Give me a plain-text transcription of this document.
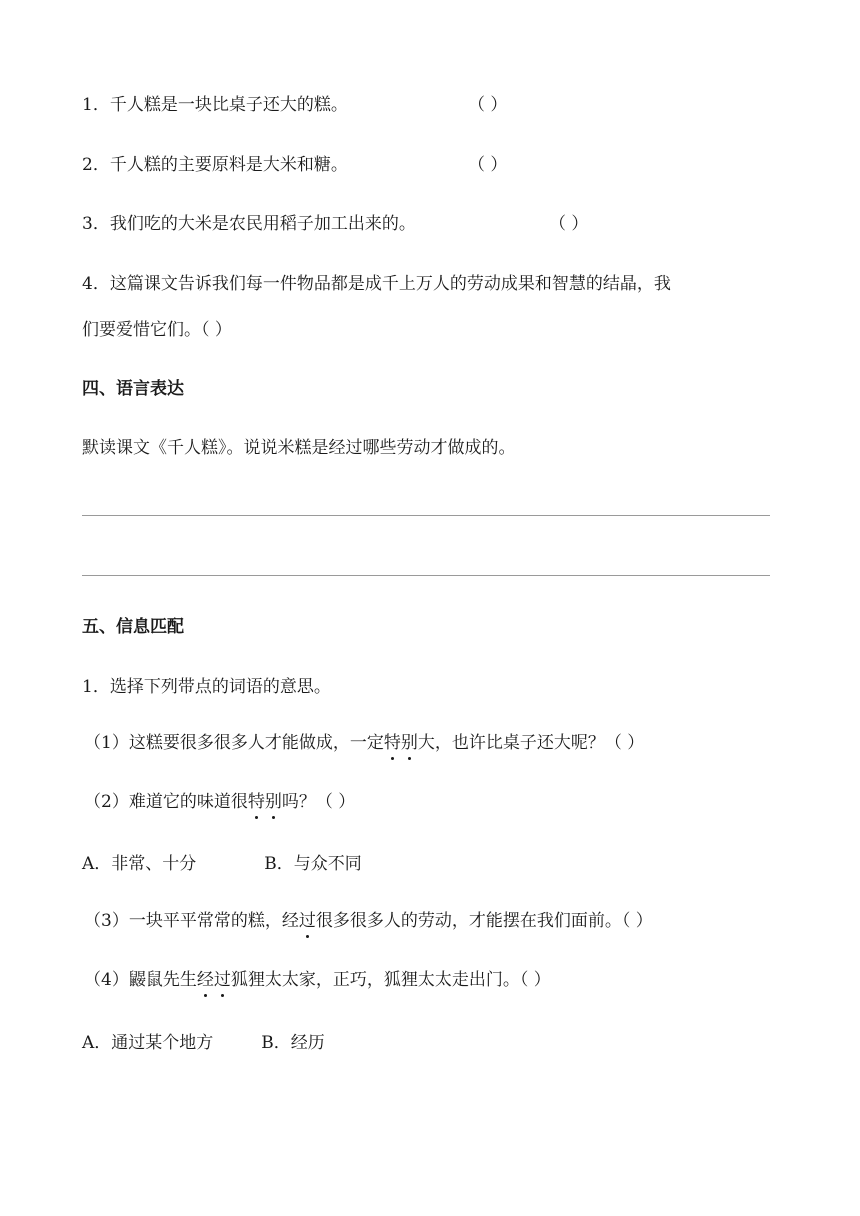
1．千人糕是一块比桌子还大的糕。	（ ）
2．千人糕的主要原料是大米和糖。	（ ）
3．我们吃的大米是农民用稻子加工出来的。	（ ）
4．这篇课文告诉我们每一件物品都是成千上万人的劳动成果和智慧的结晶，我
们要爱惜它们。（ ）
四、语言表达
默读课文《千人糕》。说说米糕是经过哪些劳动才做成的。
五、信息匹配
1．选择下列带点的词语的意思。
（1）这糕要很多很多人才能做成，一定特别大，也许比桌子还大呢？（ ）
（2）难道它的味道很特别吗？（ ）
A．非常、十分	B．与众不同
（3）一块平平常常的糕，经过很多很多人的劳动，才能摆在我们面前。（ ）
（4）鼹鼠先生经过狐狸太太家，正巧，狐狸太太走出门。（ ）
A．通过某个地方	B．经历
